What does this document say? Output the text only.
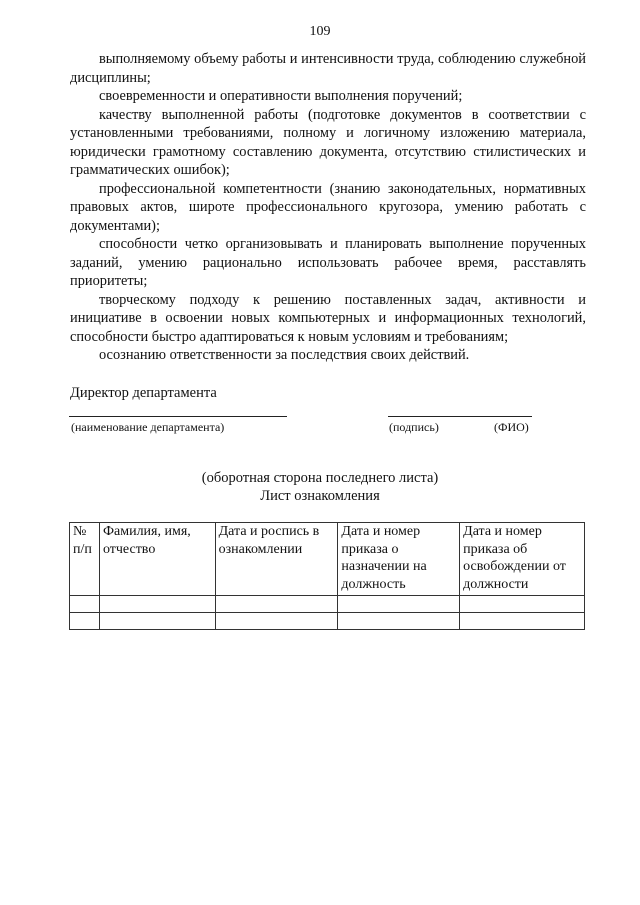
109

выполняемому объему работы и интенсивности труда, соблюдению служебной дисциплины;

своевременности и оперативности выполнения поручений;

качеству выполненной работы (подготовке документов в соответствии с установленными требованиями, полному и логичному изложению материала, юридически грамотному составлению документа, отсутствию стилистических и грамматических ошибок);

профессиональной компетентности (знанию законодательных, нормативных правовых актов, широте профессионального кругозора, умению работать с документами);

способности четко организовывать и планировать выполнение порученных заданий, умению рационально использовать рабочее время, расставлять приоритеты;

творческому подходу к решению поставленных задач, активности и инициативе в освоении новых компьютерных и информационных технологий, способности быстро адаптироваться к новым условиям и требованиям;

осознанию ответственности за последствия своих действий.

Директор департамента
(наименование департамента)	(подпись)	(ФИО)
(оборотная сторона последнего листа)
Лист ознакомления
№ п/п	Фамилия, имя, отчество	Дата и роспись в ознакомлении	Дата и номер приказа о назначении на должность	Дата и номер приказа об освобождении от должности
